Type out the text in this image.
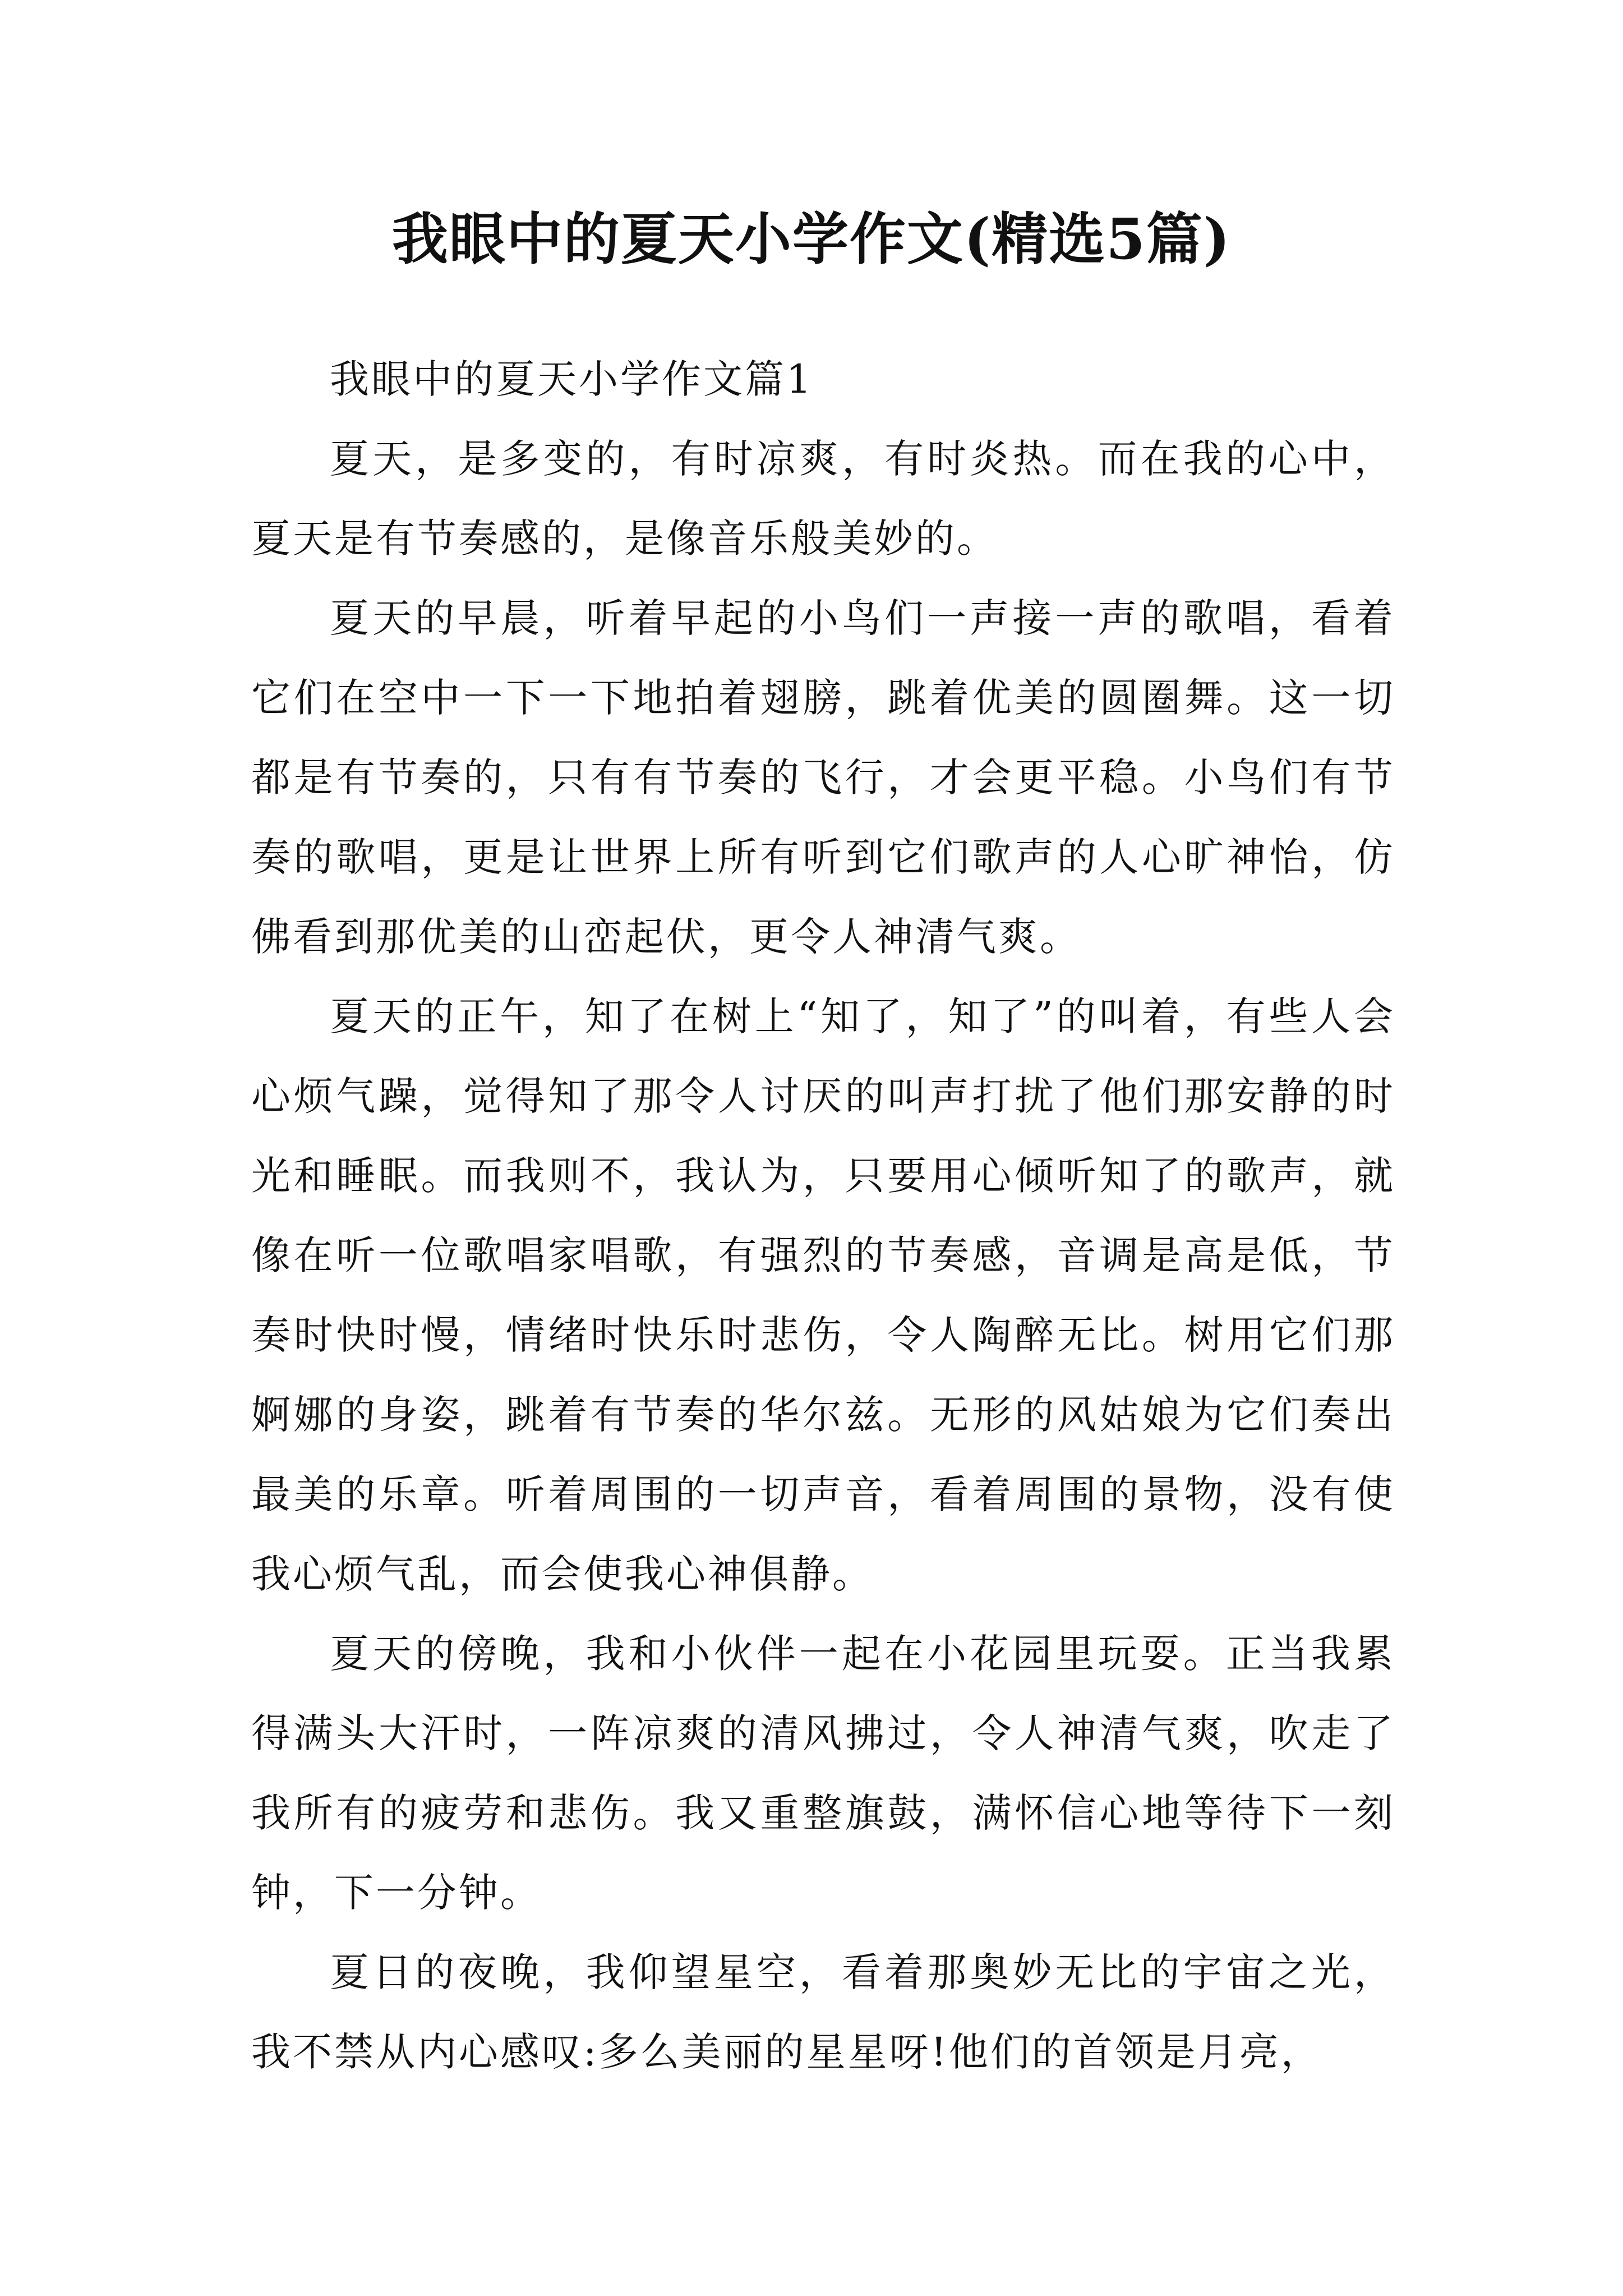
我眼中的夏天小学作文(精选5篇)

我眼中的夏天小学作文篇1

夏天，是多变的，有时凉爽，有时炎热。而在我的心中，夏天是有节奏感的，是像音乐般美妙的。

夏天的早晨，听着早起的小鸟们一声接一声的歌唱，看着它们在空中一下一下地拍着翅膀，跳着优美的圆圈舞。这一切都是有节奏的，只有有节奏的飞行，才会更平稳。小鸟们有节奏的歌唱，更是让世界上所有听到它们歌声的人心旷神怡，仿佛看到那优美的山峦起伏，更令人神清气爽。

夏天的正午，知了在树上“知了，知了”的叫着，有些人会心烦气躁，觉得知了那令人讨厌的叫声打扰了他们那安静的时光和睡眠。而我则不，我认为，只要用心倾听知了的歌声，就像在听一位歌唱家唱歌，有强烈的节奏感，音调是高是低，节奏时快时慢，情绪时快乐时悲伤，令人陶醉无比。树用它们那婀娜的身姿，跳着有节奏的华尔兹。无形的风姑娘为它们奏出最美的乐章。听着周围的一切声音，看着周围的景物，没有使我心烦气乱，而会使我心神俱静。

夏天的傍晚，我和小伙伴一起在小花园里玩耍。正当我累得满头大汗时，一阵凉爽的清风拂过，令人神清气爽，吹走了我所有的疲劳和悲伤。我又重整旗鼓，满怀信心地等待下一刻钟，下一分钟。

夏日的夜晚，我仰望星空，看着那奥妙无比的宇宙之光，我不禁从内心感叹:多么美丽的星星呀!他们的首领是月亮，
